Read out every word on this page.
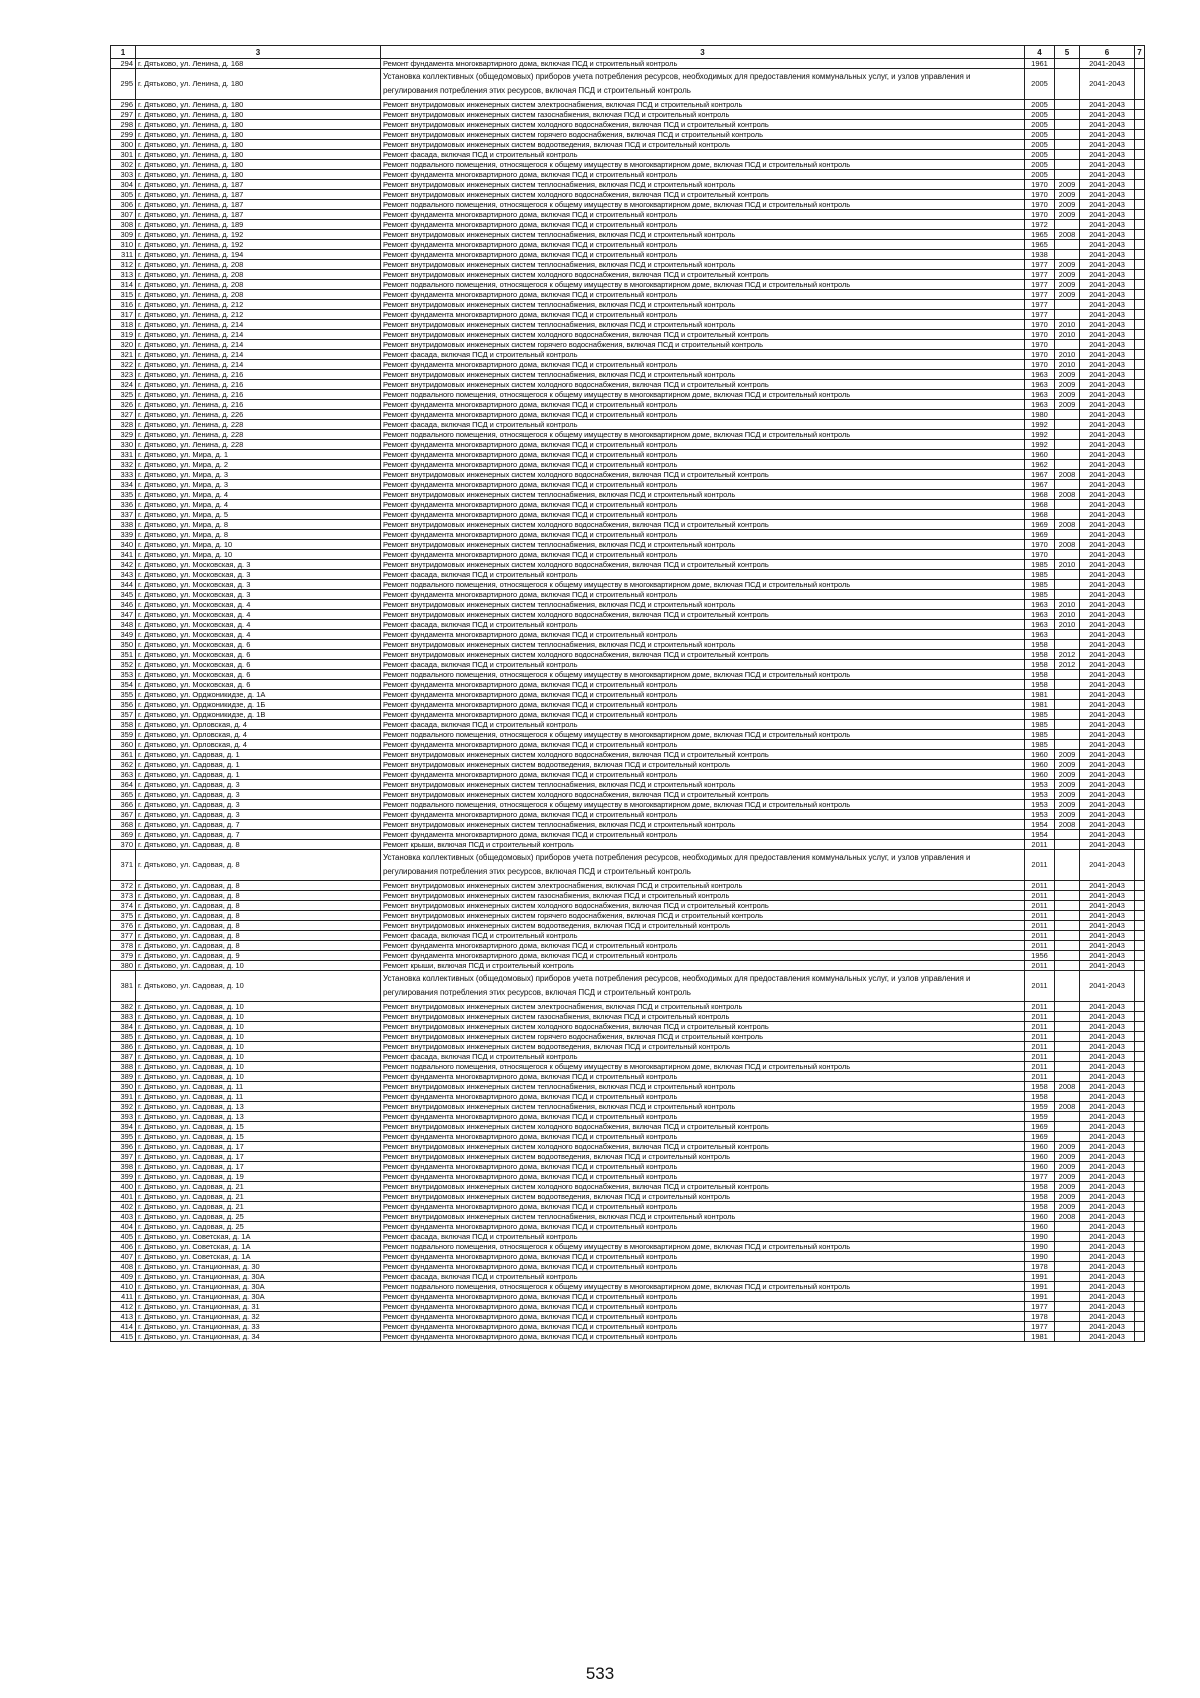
1	3	3	4	5	6	7
294	г. Дятьково, ул. Ленина, д. 168	Ремонт фундамента многоквартирного дома, включая ПСД и строительный контроль	1961		2041-2043	
295	г. Дятьково, ул. Ленина, д. 180	Установка коллективных (общедомовых) приборов учета потребления ресурсов, необходимых для предоставления коммунальных услуг, и узлов управления и регулирования потребления этих ресурсов, включая ПСД и строительный контроль	2005		2041-2043	
296	г. Дятьково, ул. Ленина, д. 180	Ремонт внутридомовых инженерных систем электроснабжения, включая ПСД и строительный контроль	2005		2041-2043	
297	г. Дятьково, ул. Ленина, д. 180	Ремонт внутридомовых инженерных систем газоснабжения, включая ПСД и строительный контроль	2005		2041-2043	
298	г. Дятьково, ул. Ленина, д. 180	Ремонт внутридомовых инженерных систем холодного водоснабжения, включая ПСД и строительный контроль	2005		2041-2043	
299	г. Дятьково, ул. Ленина, д. 180	Ремонт внутридомовых инженерных систем горячего водоснабжения, включая ПСД и строительный контроль	2005		2041-2043	
300	г. Дятьково, ул. Ленина, д. 180	Ремонт внутридомовых инженерных систем водоотведения, включая ПСД и строительный контроль	2005		2041-2043	
301	г. Дятьково, ул. Ленина, д. 180	Ремонт фасада, включая ПСД и строительный контроль	2005		2041-2043	
302	г. Дятьково, ул. Ленина, д. 180	Ремонт подвального помещения, относящегося к общему имуществу в многоквартирном доме, включая ПСД и строительный контроль	2005		2041-2043	
303	г. Дятьково, ул. Ленина, д. 180	Ремонт фундамента многоквартирного дома, включая ПСД и строительный контроль	2005		2041-2043	
304	г. Дятьково, ул. Ленина, д. 187	Ремонт внутридомовых инженерных систем теплоснабжения, включая ПСД и строительный контроль	1970	2009	2041-2043	
305	г. Дятьково, ул. Ленина, д. 187	Ремонт внутридомовых инженерных систем холодного водоснабжения, включая ПСД и строительный контроль	1970	2009	2041-2043	
306	г. Дятьково, ул. Ленина, д. 187	Ремонт подвального помещения, относящегося к общему имуществу в многоквартирном доме, включая ПСД и строительный контроль	1970	2009	2041-2043	
307	г. Дятьково, ул. Ленина, д. 187	Ремонт фундамента многоквартирного дома, включая ПСД и строительный контроль	1970	2009	2041-2043	
308	г. Дятьково, ул. Ленина, д. 189	Ремонт фундамента многоквартирного дома, включая ПСД и строительный контроль	1972		2041-2043	
309	г. Дятьково, ул. Ленина, д. 192	Ремонт внутридомовых инженерных систем теплоснабжения, включая ПСД и строительный контроль	1965	2008	2041-2043	
310	г. Дятьково, ул. Ленина, д. 192	Ремонт фундамента многоквартирного дома, включая ПСД и строительный контроль	1965		2041-2043	
311	г. Дятьково, ул. Ленина, д. 194	Ремонт фундамента многоквартирного дома, включая ПСД и строительный контроль	1938		2041-2043	
312	г. Дятьково, ул. Ленина, д. 208	Ремонт внутридомовых инженерных систем теплоснабжения, включая ПСД и строительный контроль	1977	2009	2041-2043	
313	г. Дятьково, ул. Ленина, д. 208	Ремонт внутридомовых инженерных систем холодного водоснабжения, включая ПСД и строительный контроль	1977	2009	2041-2043	
314	г. Дятьково, ул. Ленина, д. 208	Ремонт подвального помещения, относящегося к общему имуществу в многоквартирном доме, включая ПСД и строительный контроль	1977	2009	2041-2043	
315	г. Дятьково, ул. Ленина, д. 208	Ремонт фундамента многоквартирного дома, включая ПСД и строительный контроль	1977	2009	2041-2043	
316	г. Дятьково, ул. Ленина, д. 212	Ремонт внутридомовых инженерных систем теплоснабжения, включая ПСД и строительный контроль	1977		2041-2043	
317	г. Дятьково, ул. Ленина, д. 212	Ремонт фундамента многоквартирного дома, включая ПСД и строительный контроль	1977		2041-2043	
318	г. Дятьково, ул. Ленина, д. 214	Ремонт внутридомовых инженерных систем теплоснабжения, включая ПСД и строительный контроль	1970	2010	2041-2043	
319	г. Дятьково, ул. Ленина, д. 214	Ремонт внутридомовых инженерных систем холодного водоснабжения, включая ПСД и строительный контроль	1970	2010	2041-2043	
320	г. Дятьково, ул. Ленина, д. 214	Ремонт внутридомовых инженерных систем горячего водоснабжения, включая ПСД и строительный контроль	1970		2041-2043	
321	г. Дятьково, ул. Ленина, д. 214	Ремонт фасада, включая ПСД и строительный контроль	1970	2010	2041-2043	
322	г. Дятьково, ул. Ленина, д. 214	Ремонт фундамента многоквартирного дома, включая ПСД и строительный контроль	1970	2010	2041-2043	
323	г. Дятьково, ул. Ленина, д. 216	Ремонт внутридомовых инженерных систем теплоснабжения, включая ПСД и строительный контроль	1963	2009	2041-2043	
324	г. Дятьково, ул. Ленина, д. 216	Ремонт внутридомовых инженерных систем холодного водоснабжения, включая ПСД и строительный контроль	1963	2009	2041-2043	
325	г. Дятьково, ул. Ленина, д. 216	Ремонт подвального помещения, относящегося к общему имуществу в многоквартирном доме, включая ПСД и строительный контроль	1963	2009	2041-2043	
326	г. Дятьково, ул. Ленина, д. 216	Ремонт фундамента многоквартирного дома, включая ПСД и строительный контроль	1963	2009	2041-2043	
327	г. Дятьково, ул. Ленина, д. 226	Ремонт фундамента многоквартирного дома, включая ПСД и строительный контроль	1980		2041-2043	
328	г. Дятьково, ул. Ленина, д. 228	Ремонт фасада, включая ПСД и строительный контроль	1992		2041-2043	
329	г. Дятьково, ул. Ленина, д. 228	Ремонт подвального помещения, относящегося к общему имуществу в многоквартирном доме, включая ПСД и строительный контроль	1992		2041-2043	
330	г. Дятьково, ул. Ленина, д. 228	Ремонт фундамента многоквартирного дома, включая ПСД и строительный контроль	1992		2041-2043	
331	г. Дятьково, ул. Мира, д. 1	Ремонт фундамента многоквартирного дома, включая ПСД и строительный контроль	1960		2041-2043	
332	г. Дятьково, ул. Мира, д. 2	Ремонт фундамента многоквартирного дома, включая ПСД и строительный контроль	1962		2041-2043	
333	г. Дятьково, ул. Мира, д. 3	Ремонт внутридомовых инженерных систем холодного водоснабжения, включая ПСД и строительный контроль	1967	2008	2041-2043	
334	г. Дятьково, ул. Мира, д. 3	Ремонт фундамента многоквартирного дома, включая ПСД и строительный контроль	1967		2041-2043	
335	г. Дятьково, ул. Мира, д. 4	Ремонт внутридомовых инженерных систем теплоснабжения, включая ПСД и строительный контроль	1968	2008	2041-2043	
336	г. Дятьково, ул. Мира, д. 4	Ремонт фундамента многоквартирного дома, включая ПСД и строительный контроль	1968		2041-2043	
337	г. Дятьково, ул. Мира, д. 5	Ремонт фундамента многоквартирного дома, включая ПСД и строительный контроль	1968		2041-2043	
338	г. Дятьково, ул. Мира, д. 8	Ремонт внутридомовых инженерных систем холодного водоснабжения, включая ПСД и строительный контроль	1969	2008	2041-2043	
339	г. Дятьково, ул. Мира, д. 8	Ремонт фундамента многоквартирного дома, включая ПСД и строительный контроль	1969		2041-2043	
340	г. Дятьково, ул. Мира, д. 10	Ремонт внутридомовых инженерных систем теплоснабжения, включая ПСД и строительный контроль	1970	2008	2041-2043	
341	г. Дятьково, ул. Мира, д. 10	Ремонт фундамента многоквартирного дома, включая ПСД и строительный контроль	1970		2041-2043	
342	г. Дятьково, ул. Московская, д. 3	Ремонт внутридомовых инженерных систем холодного водоснабжения, включая ПСД и строительный контроль	1985	2010	2041-2043	
343	г. Дятьково, ул. Московская, д. 3	Ремонт фасада, включая ПСД и строительный контроль	1985		2041-2043	
344	г. Дятьково, ул. Московская, д. 3	Ремонт подвального помещения, относящегося к общему имуществу в многоквартирном доме, включая ПСД и строительный контроль	1985		2041-2043	
345	г. Дятьково, ул. Московская, д. 3	Ремонт фундамента многоквартирного дома, включая ПСД и строительный контроль	1985		2041-2043	
346	г. Дятьково, ул. Московская, д. 4	Ремонт внутридомовых инженерных систем теплоснабжения, включая ПСД и строительный контроль	1963	2010	2041-2043	
347	г. Дятьково, ул. Московская, д. 4	Ремонт внутридомовых инженерных систем холодного водоснабжения, включая ПСД и строительный контроль	1963	2010	2041-2043	
348	г. Дятьково, ул. Московская, д. 4	Ремонт фасада, включая ПСД и строительный контроль	1963	2010	2041-2043	
349	г. Дятьково, ул. Московская, д. 4	Ремонт фундамента многоквартирного дома, включая ПСД и строительный контроль	1963		2041-2043	
350	г. Дятьково, ул. Московская, д. 6	Ремонт внутридомовых инженерных систем теплоснабжения, включая ПСД и строительный контроль	1958		2041-2043	
351	г. Дятьково, ул. Московская, д. 6	Ремонт внутридомовых инженерных систем холодного водоснабжения, включая ПСД и строительный контроль	1958	2012	2041-2043	
352	г. Дятьково, ул. Московская, д. 6	Ремонт фасада, включая ПСД и строительный контроль	1958	2012	2041-2043	
353	г. Дятьково, ул. Московская, д. 6	Ремонт подвального помещения, относящегося к общему имуществу в многоквартирном доме, включая ПСД и строительный контроль	1958		2041-2043	
354	г. Дятьково, ул. Московская, д. 6	Ремонт фундамента многоквартирного дома, включая ПСД и строительный контроль	1958		2041-2043	
355	г. Дятьково, ул. Орджоникидзе, д. 1А	Ремонт фундамента многоквартирного дома, включая ПСД и строительный контроль	1981		2041-2043	
356	г. Дятьково, ул. Орджоникидзе, д. 1Б	Ремонт фундамента многоквартирного дома, включая ПСД и строительный контроль	1981		2041-2043	
357	г. Дятьково, ул. Орджоникидзе, д. 1В	Ремонт фундамента многоквартирного дома, включая ПСД и строительный контроль	1985		2041-2043	
358	г. Дятьково, ул. Орловская, д. 4	Ремонт фасада, включая ПСД и строительный контроль	1985		2041-2043	
359	г. Дятьково, ул. Орловская, д. 4	Ремонт подвального помещения, относящегося к общему имуществу в многоквартирном доме, включая ПСД и строительный контроль	1985		2041-2043	
360	г. Дятьково, ул. Орловская, д. 4	Ремонт фундамента многоквартирного дома, включая ПСД и строительный контроль	1985		2041-2043	
361	г. Дятьково, ул. Садовая, д. 1	Ремонт внутридомовых инженерных систем холодного водоснабжения, включая ПСД и строительный контроль	1960	2009	2041-2043	
362	г. Дятьково, ул. Садовая, д. 1	Ремонт внутридомовых инженерных систем водоотведения, включая ПСД и строительный контроль	1960	2009	2041-2043	
363	г. Дятьково, ул. Садовая, д. 1	Ремонт фундамента многоквартирного дома, включая ПСД и строительный контроль	1960	2009	2041-2043	
364	г. Дятьково, ул. Садовая, д. 3	Ремонт внутридомовых инженерных систем теплоснабжения, включая ПСД и строительный контроль	1953	2009	2041-2043	
365	г. Дятьково, ул. Садовая, д. 3	Ремонт внутридомовых инженерных систем холодного водоснабжения, включая ПСД и строительный контроль	1953	2009	2041-2043	
366	г. Дятьково, ул. Садовая, д. 3	Ремонт подвального помещения, относящегося к общему имуществу в многоквартирном доме, включая ПСД и строительный контроль	1953	2009	2041-2043	
367	г. Дятьково, ул. Садовая, д. 3	Ремонт фундамента многоквартирного дома, включая ПСД и строительный контроль	1953	2009	2041-2043	
368	г. Дятьково, ул. Садовая, д. 7	Ремонт внутридомовых инженерных систем теплоснабжения, включая ПСД и строительный контроль	1954	2008	2041-2043	
369	г. Дятьково, ул. Садовая, д. 7	Ремонт фундамента многоквартирного дома, включая ПСД и строительный контроль	1954		2041-2043	
370	г. Дятьково, ул. Садовая, д. 8	Ремонт крыши, включая ПСД и строительный контроль	2011		2041-2043	
371	г. Дятьково, ул. Садовая, д. 8	Установка коллективных (общедомовых) приборов учета потребления ресурсов, необходимых для предоставления коммунальных услуг, и узлов управления и регулирования потребления этих ресурсов, включая ПСД и строительный контроль	2011		2041-2043	
372	г. Дятьково, ул. Садовая, д. 8	Ремонт внутридомовых инженерных систем электроснабжения, включая ПСД и строительный контроль	2011		2041-2043	
373	г. Дятьково, ул. Садовая, д. 8	Ремонт внутридомовых инженерных систем газоснабжения, включая ПСД и строительный контроль	2011		2041-2043	
374	г. Дятьково, ул. Садовая, д. 8	Ремонт внутридомовых инженерных систем холодного водоснабжения, включая ПСД и строительный контроль	2011		2041-2043	
375	г. Дятьково, ул. Садовая, д. 8	Ремонт внутридомовых инженерных систем горячего водоснабжения, включая ПСД и строительный контроль	2011		2041-2043	
376	г. Дятьково, ул. Садовая, д. 8	Ремонт внутридомовых инженерных систем водоотведения, включая ПСД и строительный контроль	2011		2041-2043	
377	г. Дятьково, ул. Садовая, д. 8	Ремонт фасада, включая ПСД и строительный контроль	2011		2041-2043	
378	г. Дятьково, ул. Садовая, д. 8	Ремонт фундамента многоквартирного дома, включая ПСД и строительный контроль	2011		2041-2043	
379	г. Дятьково, ул. Садовая, д. 9	Ремонт фундамента многоквартирного дома, включая ПСД и строительный контроль	1956		2041-2043	
380	г. Дятьково, ул. Садовая, д. 10	Ремонт крыши, включая ПСД и строительный контроль	2011		2041-2043	
381	г. Дятьково, ул. Садовая, д. 10	Установка коллективных (общедомовых) приборов учета потребления ресурсов, необходимых для предоставления коммунальных услуг, и узлов управления и регулирования потребления этих ресурсов, включая ПСД и строительный контроль	2011		2041-2043	
382	г. Дятьково, ул. Садовая, д. 10	Ремонт внутридомовых инженерных систем электроснабжения, включая ПСД и строительный контроль	2011		2041-2043	
383	г. Дятьково, ул. Садовая, д. 10	Ремонт внутридомовых инженерных систем газоснабжения, включая ПСД и строительный контроль	2011		2041-2043	
384	г. Дятьково, ул. Садовая, д. 10	Ремонт внутридомовых инженерных систем холодного водоснабжения, включая ПСД и строительный контроль	2011		2041-2043	
385	г. Дятьково, ул. Садовая, д. 10	Ремонт внутридомовых инженерных систем горячего водоснабжения, включая ПСД и строительный контроль	2011		2041-2043	
386	г. Дятьково, ул. Садовая, д. 10	Ремонт внутридомовых инженерных систем водоотведения, включая ПСД и строительный контроль	2011		2041-2043	
387	г. Дятьково, ул. Садовая, д. 10	Ремонт фасада, включая ПСД и строительный контроль	2011		2041-2043	
388	г. Дятьково, ул. Садовая, д. 10	Ремонт подвального помещения, относящегося к общему имуществу в многоквартирном доме, включая ПСД и строительный контроль	2011		2041-2043	
389	г. Дятьково, ул. Садовая, д. 10	Ремонт фундамента многоквартирного дома, включая ПСД и строительный контроль	2011		2041-2043	
390	г. Дятьково, ул. Садовая, д. 11	Ремонт внутридомовых инженерных систем теплоснабжения, включая ПСД и строительный контроль	1958	2008	2041-2043	
391	г. Дятьково, ул. Садовая, д. 11	Ремонт фундамента многоквартирного дома, включая ПСД и строительный контроль	1958		2041-2043	
392	г. Дятьково, ул. Садовая, д. 13	Ремонт внутридомовых инженерных систем теплоснабжения, включая ПСД и строительный контроль	1959	2008	2041-2043	
393	г. Дятьково, ул. Садовая, д. 13	Ремонт фундамента многоквартирного дома, включая ПСД и строительный контроль	1959		2041-2043	
394	г. Дятьково, ул. Садовая, д. 15	Ремонт внутридомовых инженерных систем холодного водоснабжения, включая ПСД и строительный контроль	1969		2041-2043	
395	г. Дятьково, ул. Садовая, д. 15	Ремонт фундамента многоквартирного дома, включая ПСД и строительный контроль	1969		2041-2043	
396	г. Дятьково, ул. Садовая, д. 17	Ремонт внутридомовых инженерных систем холодного водоснабжения, включая ПСД и строительный контроль	1960	2009	2041-2043	
397	г. Дятьково, ул. Садовая, д. 17	Ремонт внутридомовых инженерных систем водоотведения, включая ПСД и строительный контроль	1960	2009	2041-2043	
398	г. Дятьково, ул. Садовая, д. 17	Ремонт фундамента многоквартирного дома, включая ПСД и строительный контроль	1960	2009	2041-2043	
399	г. Дятьково, ул. Садовая, д. 19	Ремонт фундамента многоквартирного дома, включая ПСД и строительный контроль	1977	2009	2041-2043	
400	г. Дятьково, ул. Садовая, д. 21	Ремонт внутридомовых инженерных систем холодного водоснабжения, включая ПСД и строительный контроль	1958	2009	2041-2043	
401	г. Дятьково, ул. Садовая, д. 21	Ремонт внутридомовых инженерных систем водоотведения, включая ПСД и строительный контроль	1958	2009	2041-2043	
402	г. Дятьково, ул. Садовая, д. 21	Ремонт фундамента многоквартирного дома, включая ПСД и строительный контроль	1958	2009	2041-2043	
403	г. Дятьково, ул. Садовая, д. 25	Ремонт внутридомовых инженерных систем теплоснабжения, включая ПСД и строительный контроль	1960	2008	2041-2043	
404	г. Дятьково, ул. Садовая, д. 25	Ремонт фундамента многоквартирного дома, включая ПСД и строительный контроль	1960		2041-2043	
405	г. Дятьково, ул. Советская, д. 1А	Ремонт фасада, включая ПСД и строительный контроль	1990		2041-2043	
406	г. Дятьково, ул. Советская, д. 1А	Ремонт подвального помещения, относящегося к общему имуществу в многоквартирном доме, включая ПСД и строительный контроль	1990		2041-2043	
407	г. Дятьково, ул. Советская, д. 1А	Ремонт фундамента многоквартирного дома, включая ПСД и строительный контроль	1990		2041-2043	
408	г. Дятьково, ул. Станционная, д. 30	Ремонт фундамента многоквартирного дома, включая ПСД и строительный контроль	1978		2041-2043	
409	г. Дятьково, ул. Станционная, д. 30А	Ремонт фасада, включая ПСД и строительный контроль	1991		2041-2043	
410	г. Дятьково, ул. Станционная, д. 30А	Ремонт подвального помещения, относящегося к общему имуществу в многоквартирном доме, включая ПСД и строительный контроль	1991		2041-2043	
411	г. Дятьково, ул. Станционная, д. 30А	Ремонт фундамента многоквартирного дома, включая ПСД и строительный контроль	1991		2041-2043	
412	г. Дятьково, ул. Станционная, д. 31	Ремонт фундамента многоквартирного дома, включая ПСД и строительный контроль	1977		2041-2043	
413	г. Дятьково, ул. Станционная, д. 32	Ремонт фундамента многоквартирного дома, включая ПСД и строительный контроль	1978		2041-2043	
414	г. Дятьково, ул. Станционная, д. 33	Ремонт фундамента многоквартирного дома, включая ПСД и строительный контроль	1977		2041-2043	
415	г. Дятьково, ул. Станционная, д. 34	Ремонт фундамента многоквартирного дома, включая ПСД и строительный контроль	1981		2041-2043	
533
